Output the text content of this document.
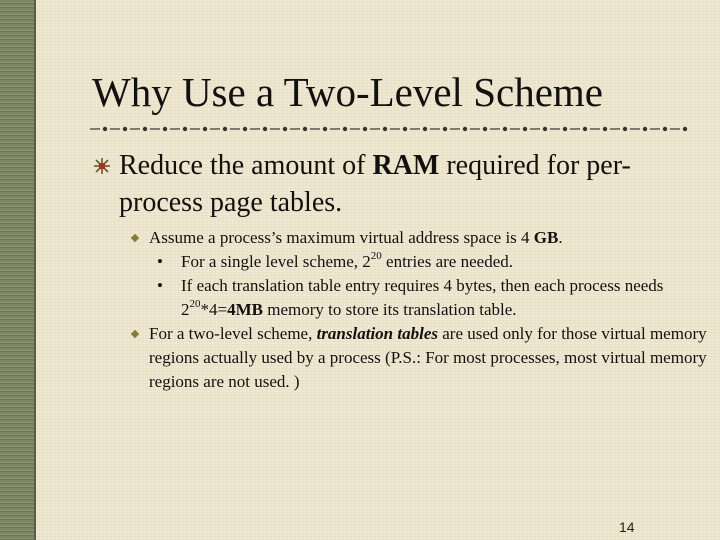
Why Use a Two-Level Scheme
Reduce the amount of RAM required for per-process page tables.
Assume a process’s maximum virtual address space is 4 GB.
• For a single level scheme, $2^{20}$ entries are needed.
• If each translation table entry requires 4 bytes, then each process needs $2^{20}*4=4MB$ memory to store its translation table.
For a two-level scheme, translation tables are used only for those virtual memory regions actually used by a process (P.S.: For most processes, most virtual memory regions are not used. )
14
